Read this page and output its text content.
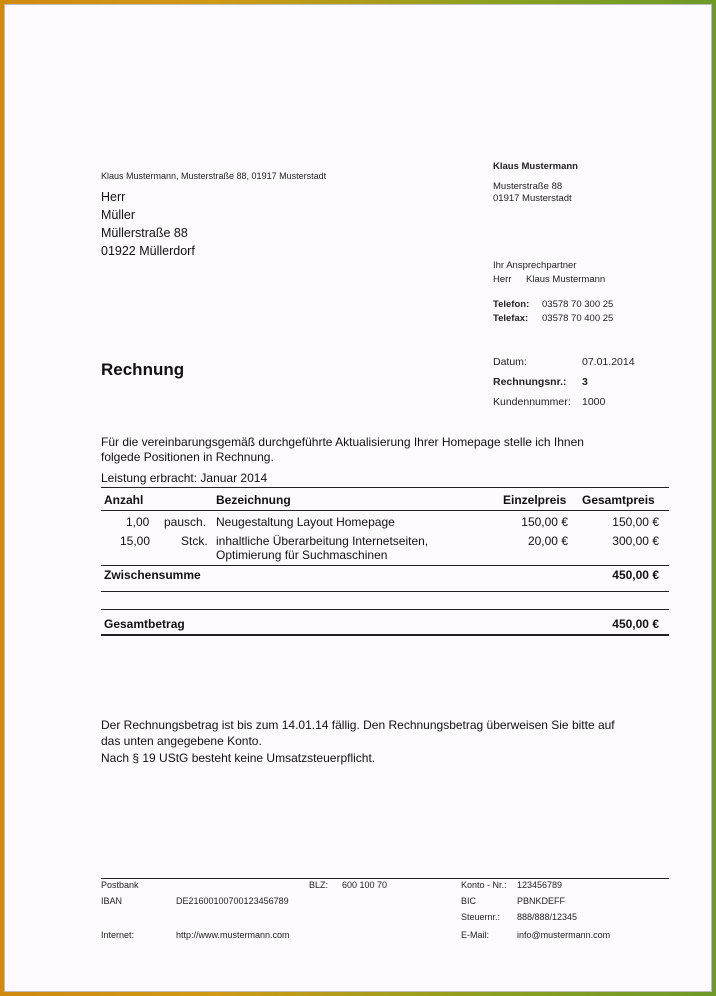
Klaus Mustermann, Musterstraße 88, 01917 Musterstadt
Herr
Müller
Müllerstraße 88
01922 Müllerdorf
Klaus Mustermann
Musterstraße 88
01917 Musterstadt
Ihr Ansprechpartner
Herr Klaus Mustermann
Telefon: 03578 70 300 25
Telefax: 03578 70 400 25
Rechnung	Datum:	07.01.2014
Rechnungsnr.: 3
Kundennummer: 1000
Für die vereinbarungsgemäß durchgeführte Aktualisierung Ihrer Homepage stelle ich Ihnen
folgede Positionen in Rechnung.
Leistung erbracht: Januar 2014
Anzahl	Bezeichnung	Einzelpreis Gesamtpreis
1,00 pausch. Neugestaltung Layout Homepage	150,00 €	150,00 €
15,00	Stck. inhaltliche Überarbeitung Internetseiten,
Optimierung für Suchmaschinen
20,00 €	300,00 €
Zwischensumme	450,00 €
Gesamtbetrag	450,00 €
Der Rechnungsbetrag ist bis zum 14.01.14 fällig. Den Rechnungsbetrag überweisen Sie bitte auf
das unten angegebene Konto.
Nach § 19 UStG besteht keine Umsatzsteuerpflicht.
Postbank	BLZ: 600 100 70	Konto - Nr.: 123456789
IBAN	DE21600100700123456789	BIC	PBNKDEFF
Steuernr.: 888/888/12345
Internet:	http://www.mustermann.com	E-Mail:	info@mustermann.com
